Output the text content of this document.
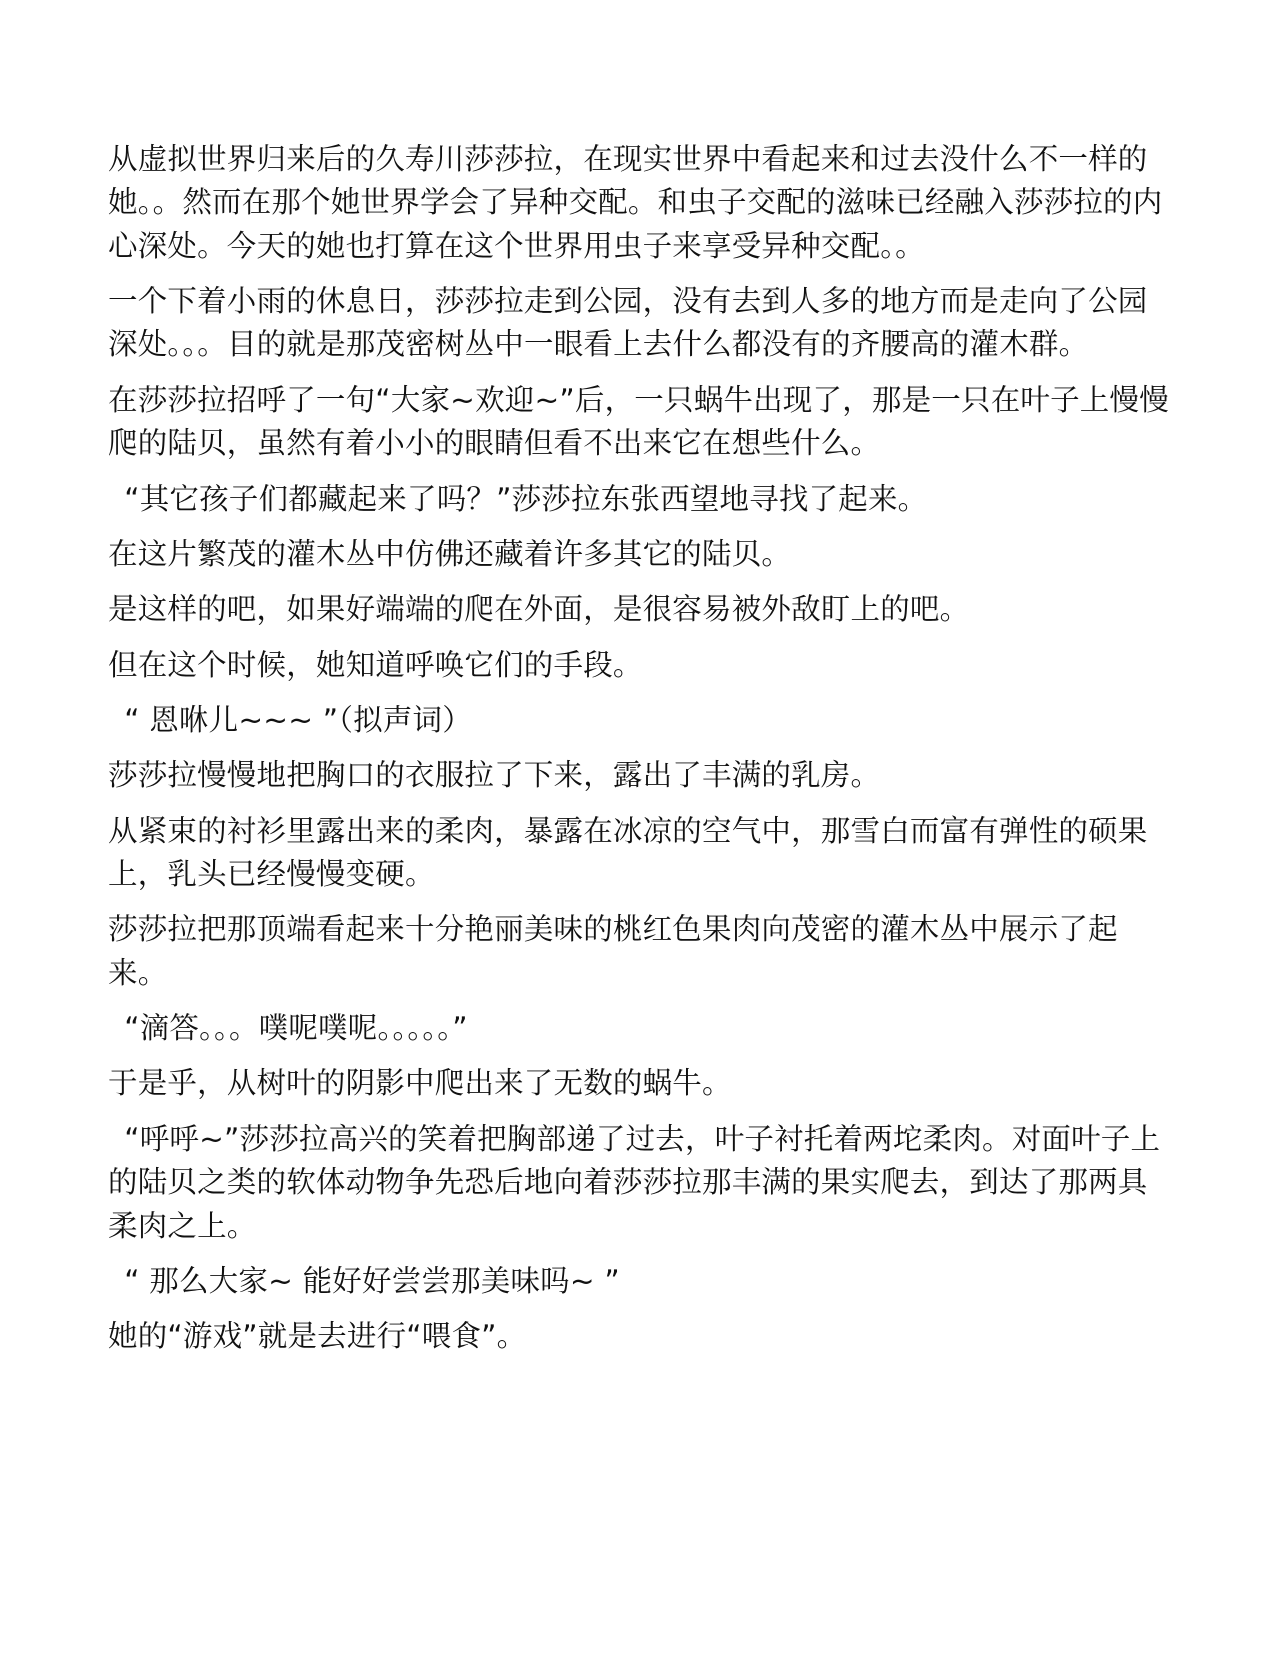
从虚拟世界归来后的久寿川莎莎拉，在现实世界中看起来和过去没什么不一样的她。。然而在那个她世界学会了异种交配。和虫子交配的滋味已经融入莎莎拉的内心深处。今天的她也打算在这个世界用虫子来享受异种交配。。

一个下着小雨的休息日，莎莎拉走到公园，没有去到人多的地方而是走向了公园深处。。。目的就是那茂密树丛中一眼看上去什么都没有的齐腰高的灌木群。

在莎莎拉招呼了一句“大家~欢迎~”后，一只蜗牛出现了，那是一只在叶子上慢慢爬的陆贝，虽然有着小小的眼睛但看不出来它在想些什么。

“其它孩子们都藏起来了吗？”莎莎拉东张西望地寻找了起来。

在这片繁茂的灌木丛中仿佛还藏着许多其它的陆贝。

是这样的吧，如果好端端的爬在外面，是很容易被外敌盯上的吧。

但在这个时候，她知道呼唤它们的手段。

“ 恩咻儿~~~ ”（拟声词）

莎莎拉慢慢地把胸口的衣服拉了下来，露出了丰满的乳房。

从紧束的衬衫里露出来的柔肉，暴露在冰凉的空气中，那雪白而富有弹性的硕果上，乳头已经慢慢变硬。

莎莎拉把那顶端看起来十分艳丽美味的桃红色果肉向茂密的灌木丛中展示了起来。

“滴答。。。噗呢噗呢。。。。。”

于是乎，从树叶的阴影中爬出来了无数的蜗牛。

“呼呼~”莎莎拉高兴的笑着把胸部递了过去，叶子衬托着两坨柔肉。对面叶子上的陆贝之类的软体动物争先恐后地向着莎莎拉那丰满的果实爬去，到达了那两具柔肉之上。

“ 那么大家~ 能好好尝尝那美味吗~ ”

她的“游戏”就是去进行“喂食”。
